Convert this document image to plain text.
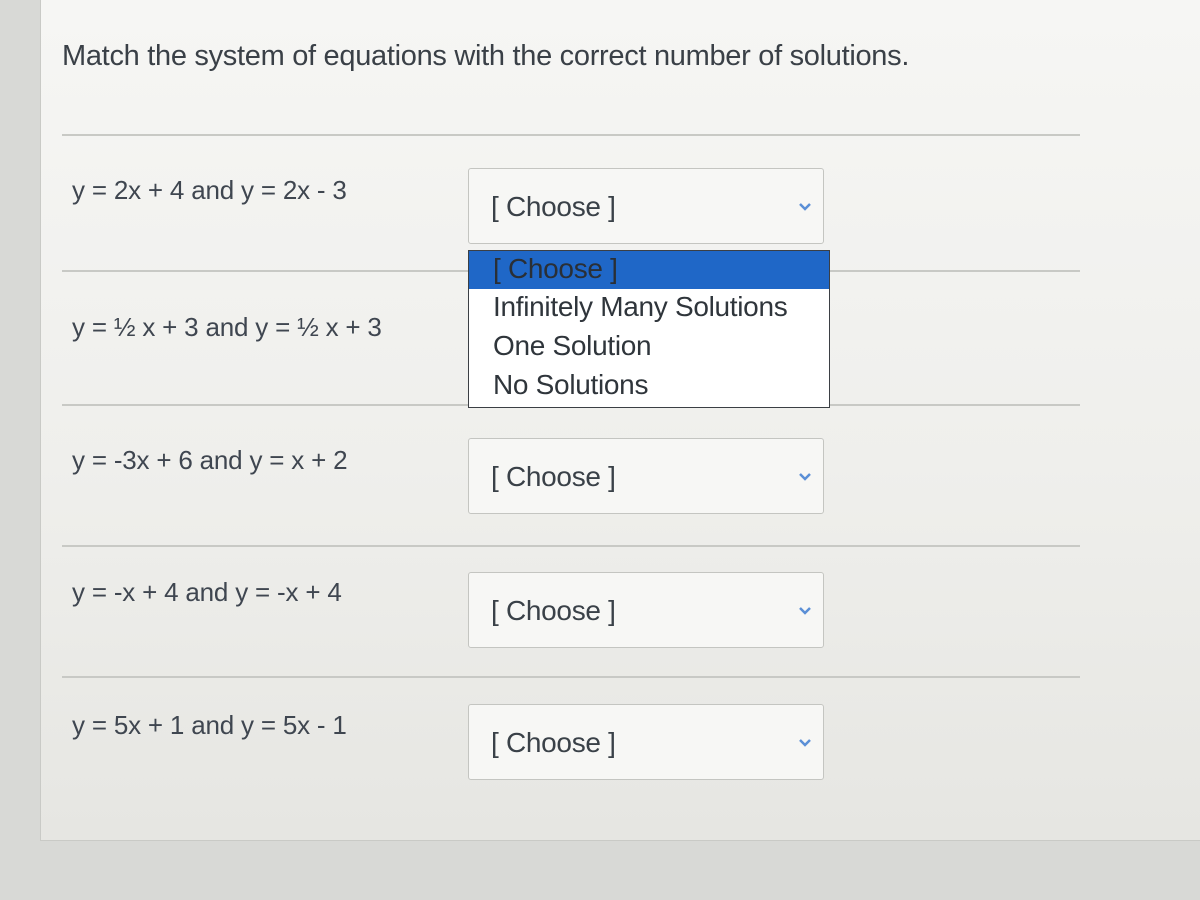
Match the system of equations with the correct number of solutions.
y = 2x + 4 and y = 2x - 3
[ Choose ]
y = ½ x + 3 and y = ½ x + 3
[ Choose ]
Infinitely Many Solutions
One Solution
No Solutions
y = -3x + 6 and y = x + 2
[ Choose ]
y = -x + 4 and y = -x + 4
[ Choose ]
y = 5x + 1 and y = 5x - 1
[ Choose ]
